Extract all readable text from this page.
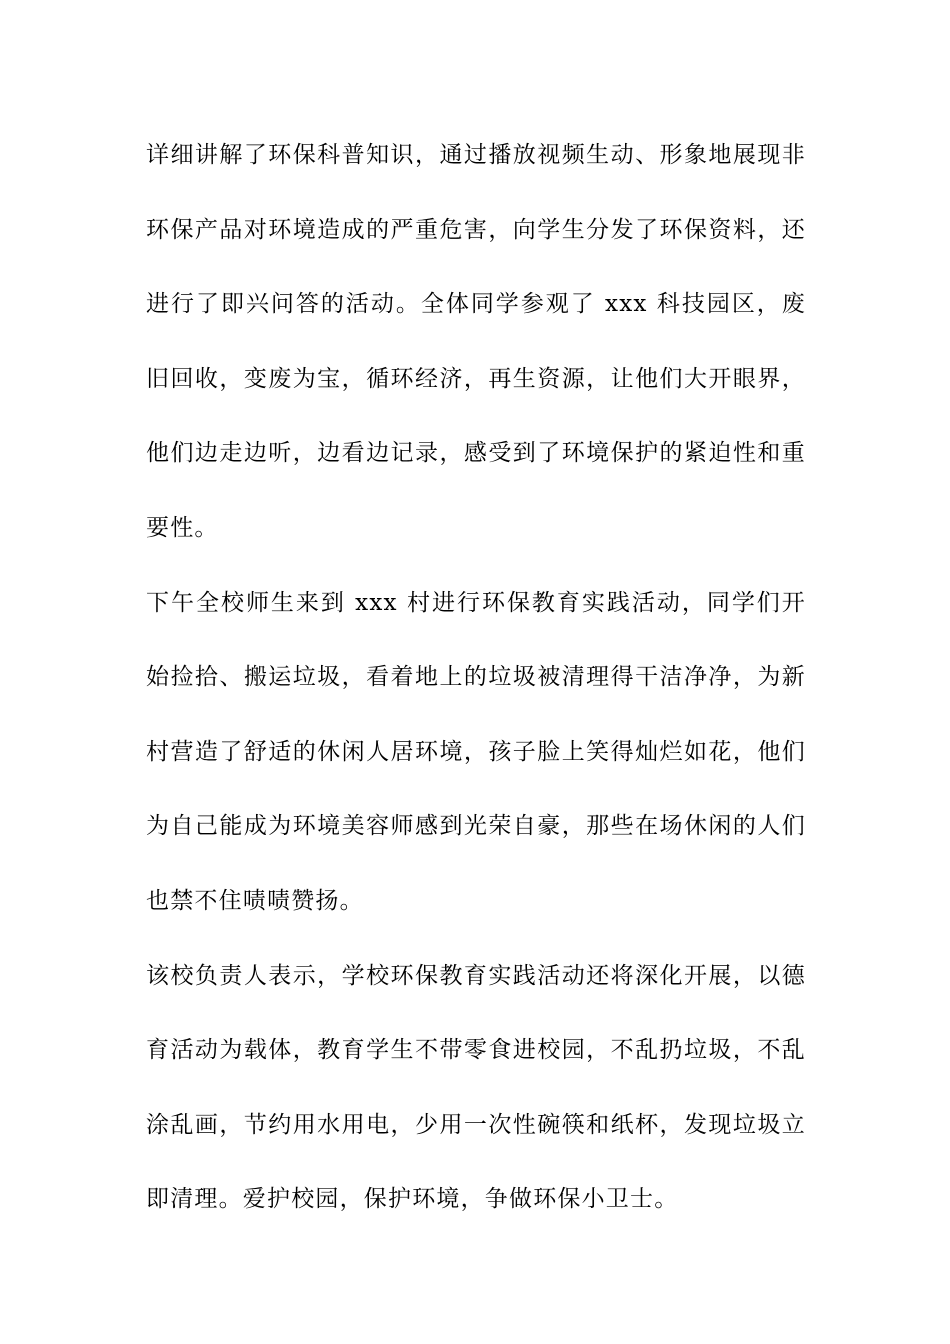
详细讲解了环保科普知识，通过播放视频生动、形象地展现非环保产品对环境造成的严重危害，向学生分发了环保资料，还进行了即兴问答的活动。全体同学参观了 xxx 科技园区，废旧回收，变废为宝，循环经济，再生资源，让他们大开眼界，他们边走边听，边看边记录，感受到了环境保护的紧迫性和重要性。

下午全校师生来到 xxx 村进行环保教育实践活动，同学们开始捡拾、搬运垃圾，看着地上的垃圾被清理得干洁净净，为新村营造了舒适的休闲人居环境，孩子脸上笑得灿烂如花，他们为自己能成为环境美容师感到光荣自豪，那些在场休闲的人们也禁不住啧啧赞扬。

该校负责人表示，学校环保教育实践活动还将深化开展，以德育活动为载体，教育学生不带零食进校园，不乱扔垃圾，不乱涂乱画，节约用水用电，少用一次性碗筷和纸杯，发现垃圾立即清理。爱护校园，保护环境，争做环保小卫士。
